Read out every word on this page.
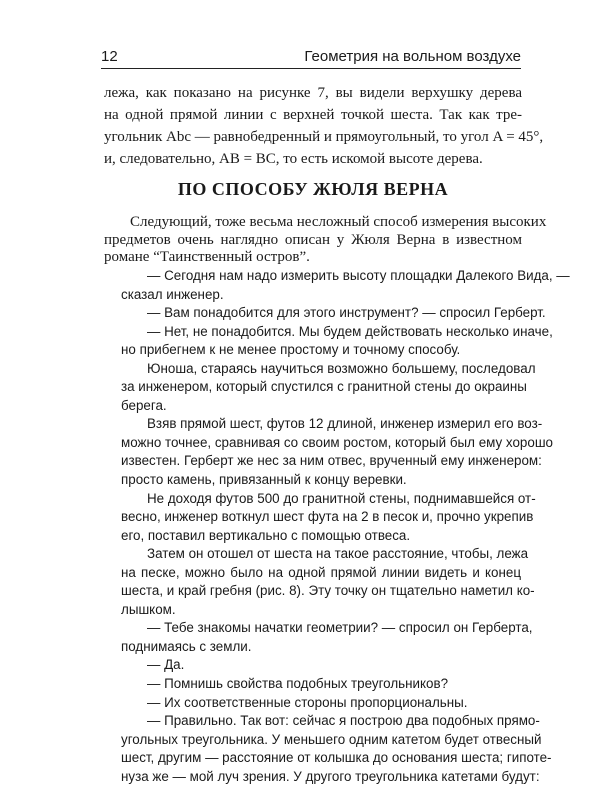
12	Геометрия на вольном воздухе
лежа, как показано на рисунке 7, вы видели верхушку дерева
на одной прямой линии с верхней точкой шеста. Так как тре-
угольник Abc — равнобедренный и прямоугольный, то угол A = 45°,
и, следовательно, AB = BC, то есть искомой высоте дерева.
ПО СПОСОБУ ЖЮЛЯ ВЕРНА
Следующий, тоже весьма несложный способ измерения высоких
предметов очень наглядно описан у Жюля Верна в известном
романе “Таинственный остров”.
— Сегодня нам надо измерить высоту площадки Далекого Вида, —
сказал инженер.
— Вам понадобится для этого инструмент? — спросил Герберт.
— Нет, не понадобится. Мы будем действовать несколько иначе,
но прибегнем к не менее простому и точному способу.
Юноша, стараясь научиться возможно большему, последовал
за инженером, который спустился с гранитной стены до окраины
берега.
Взяв прямой шест, футов 12 длиной, инженер измерил его воз-
можно точнее, сравнивая со своим ростом, который был ему хорошо
известен. Герберт же нес за ним отвес, врученный ему инженером:
просто камень, привязанный к концу веревки.
Не доходя футов 500 до гранитной стены, поднимавшейся от-
весно, инженер воткнул шест фута на 2 в песок и, прочно укрепив
его, поставил вертикально с помощью отвеса.
Затем он отошел от шеста на такое расстояние, чтобы, лежа
на песке, можно было на одной прямой линии видеть и конец
шеста, и край гребня (рис. 8). Эту точку он тщательно наметил ко-
лышком.
— Тебе знакомы начатки геометрии? — спросил он Герберта,
поднимаясь с земли.
— Да.
— Помнишь свойства подобных треугольников?
— Их соответственные стороны пропорциональны.
— Правильно. Так вот: сейчас я построю два подобных прямо-
угольных треугольника. У меньшего одним катетом будет отвесный
шест, другим — расстояние от колышка до основания шеста; гипоте-
нуза же — мой луч зрения. У другого треугольника катетами будут:
